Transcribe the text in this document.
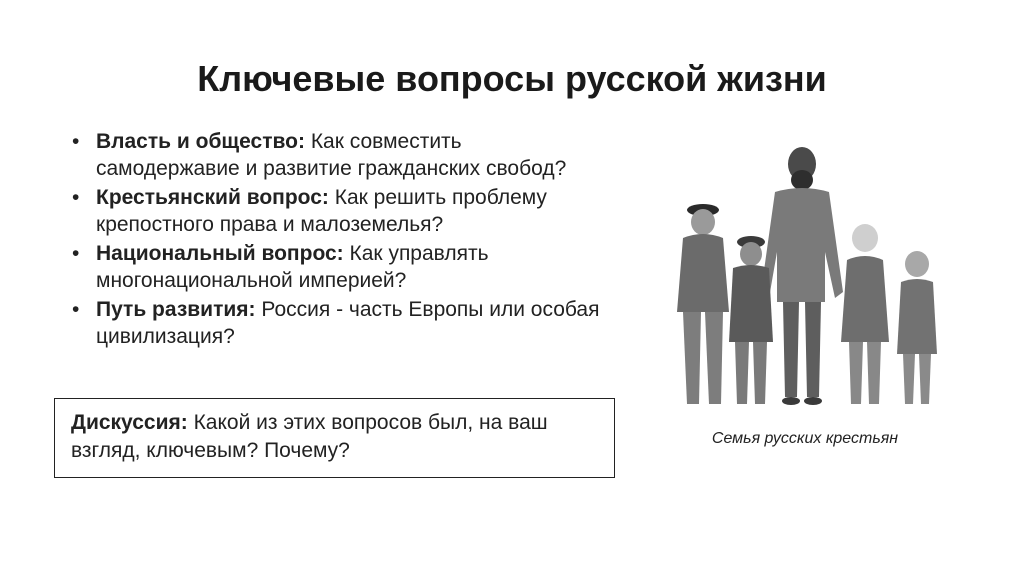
Ключевые вопросы русской жизни
• Власть и общество: Как совместить самодержавие и развитие гражданских свобод?
• Крестьянский вопрос: Как решить проблему крепостного права и малоземелья?
• Национальный вопрос: Как управлять многонациональной империей?
• Путь развития: Россия - часть Европы или особая цивилизация?
Дискуссия: Какой из этих вопросов был, на ваш взгляд, ключевым? Почему?
Семья русских крестьян
